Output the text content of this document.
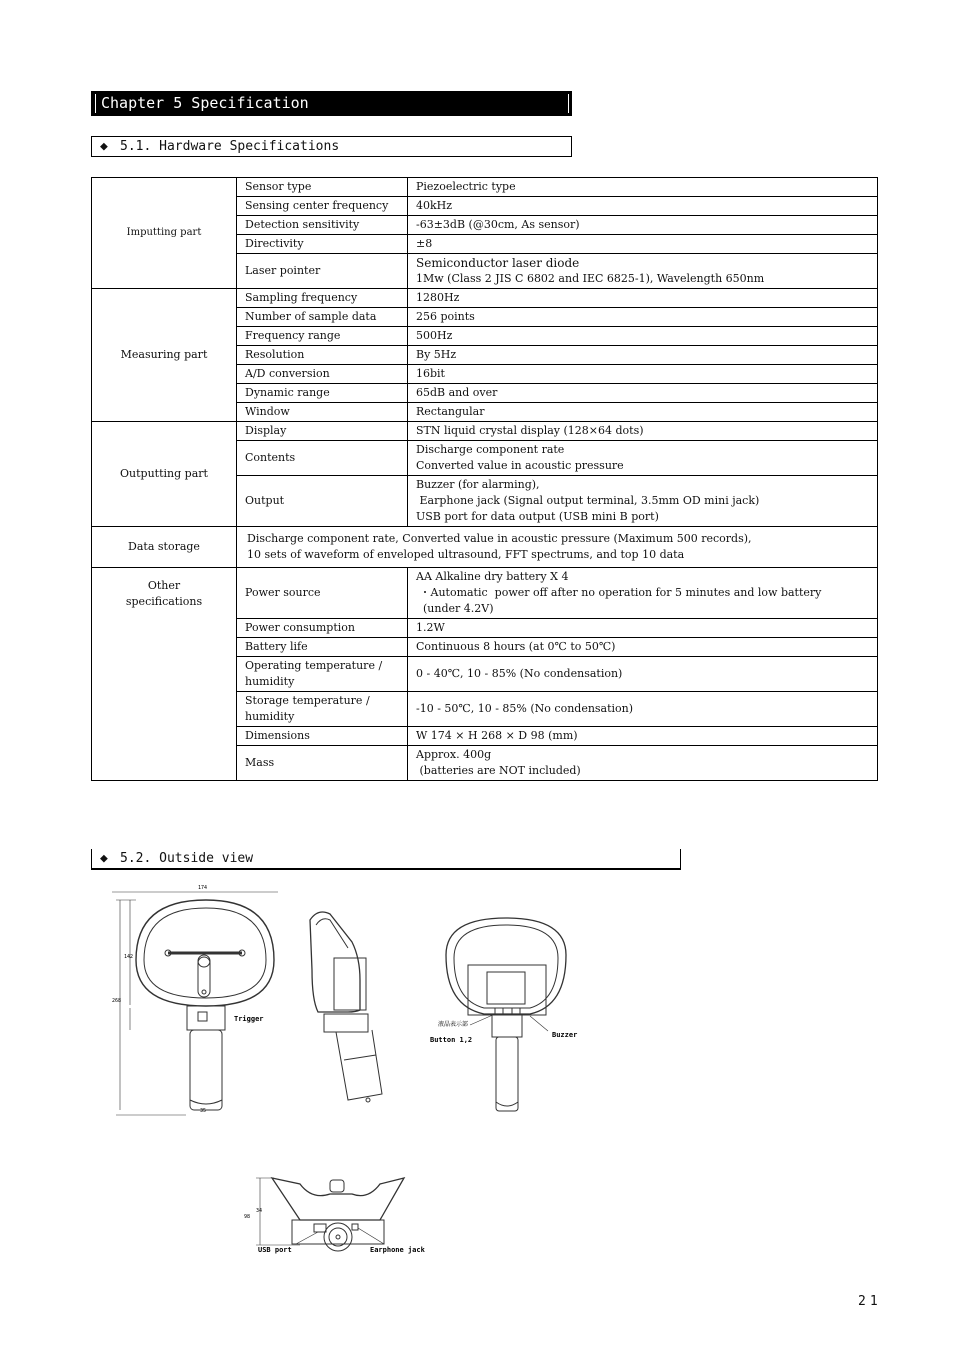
Chapter 5 Specification
◆ 5.1. Hardware Specifications
Imputting part	Sensor type	Piezoelectric type
	Sensing center frequency	40kHz
	Detection sensitivity	-63±3dB (@30cm, As sensor)
	Directivity	±8
	Laser pointer	Semiconductor laser diode
1Mw (Class 2 JIS C 6802 and IEC 6825-1), Wavelength 650nm

Measuring part	Sampling frequency	1280Hz
	Number of sample data	256 points
	Frequency range	500Hz
	Resolution	By 5Hz
	A/D conversion	16bit
	Dynamic range	65dB and over
	Window	Rectangular
Outputting part	Display	STN liquid crystal display (128×64 dots)
	Contents	Discharge component rate
Converted value in acoustic pressure

	Output	Buzzer (for alarming),
Earphone jack (Signal output terminal, 3.5mm OD mini jack)
USB port for data output (USB mini B port)

Data storage	Discharge component rate, Converted value in acoustic pressure (Maximum 500 records),
10 sets of waveform of enveloped ultrasound, FFT spectrums, and top 10 data	

Other specifications	Power source	AA Alkaline dry battery X 4
・Automatic  power off after no operation for 5 minutes and low battery
(under 4.2V)

	Power consumption	1.2W
	Battery life	Continuous 8 hours (at 0℃ to 50℃)
	Operating temperature / humidity	0 - 40℃, 10 - 85% (No condensation)
	Storage temperature / humidity	-10 - 50℃, 10 - 85% (No condensation)
	Dimensions	W 174 × H 268 × D 98 (mm)
	Mass	Approx. 400g
(batteries are NOT included)
◆ 5.2. Outside view
Trigger
174
268
142
35
液晶表示部
Button 1,2
Buzzer
USB port	Earphone jack
98
34
21
